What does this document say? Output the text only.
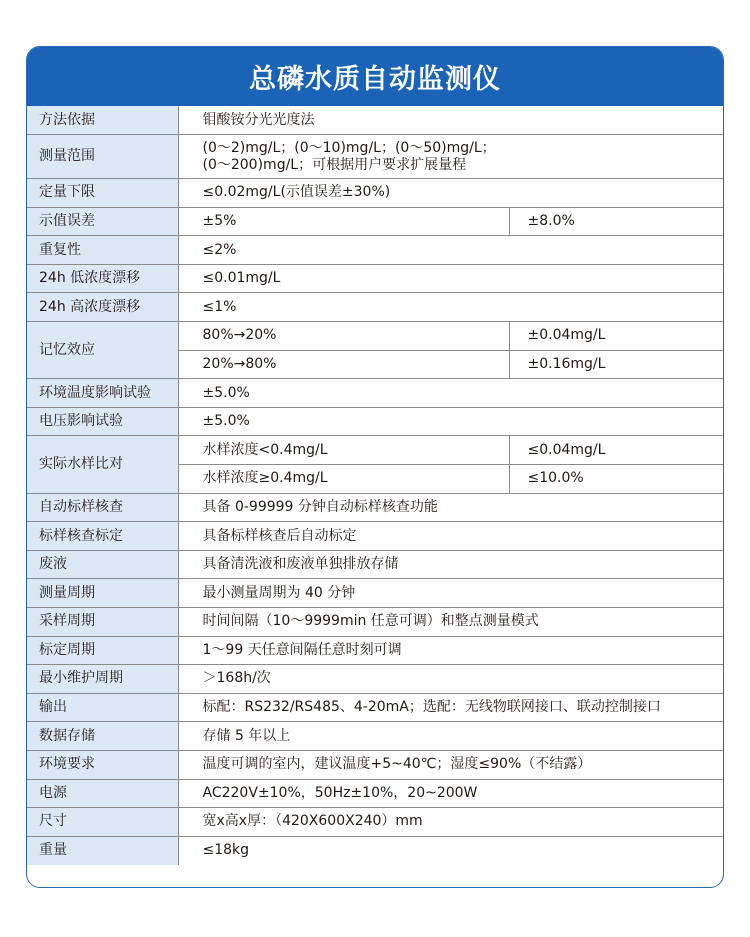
总磷水质自动监测仪
方法依据	钼酸铵分光光度法	
测量范围	(0～2)mg/L；(0～10)mg/L；(0～50)mg/L；
(0～200)mg/L；可根据用户要求扩展量程	

定量下限	≤0.02mg/L(示值误差±30%)	
示值误差	±5%	±8.0%
重复性	≤2%	
24h 低浓度漂移	≤0.01mg/L	
24h 高浓度漂移	≤1%	
记忆效应	80%→20%	±0.04mg/L
	20%→80%	±0.16mg/L
环境温度影响试验	±5.0%	
电压影响试验	±5.0%	
实际水样比对	水样浓度<0.4mg/L	≤0.04mg/L
	水样浓度≥0.4mg/L	≤10.0%
自动标样核查	具备 0-99999 分钟自动标样核查功能	
标样核查标定	具备标样核查后自动标定	
废液	具备清洗液和废液单独排放存储	
测量周期	最小测量周期为 40 分钟	
采样周期	时间间隔（10～9999min 任意可调）和整点测量模式	
标定周期	1～99 天任意间隔任意时刻可调	
最小维护周期	＞168h/次	
输出	标配：RS232/RS485、4-20mA；选配：无线物联网接口、联动控制接口	
数据存储	存储 5 年以上	
环境要求	温度可调的室内，建议温度+5~40℃；湿度≤90%（不结露）	
电源	AC220V±10%，50Hz±10%，20~200W	
尺寸	宽x高x厚：（420X600X240）mm	
重量	≤18kg	
